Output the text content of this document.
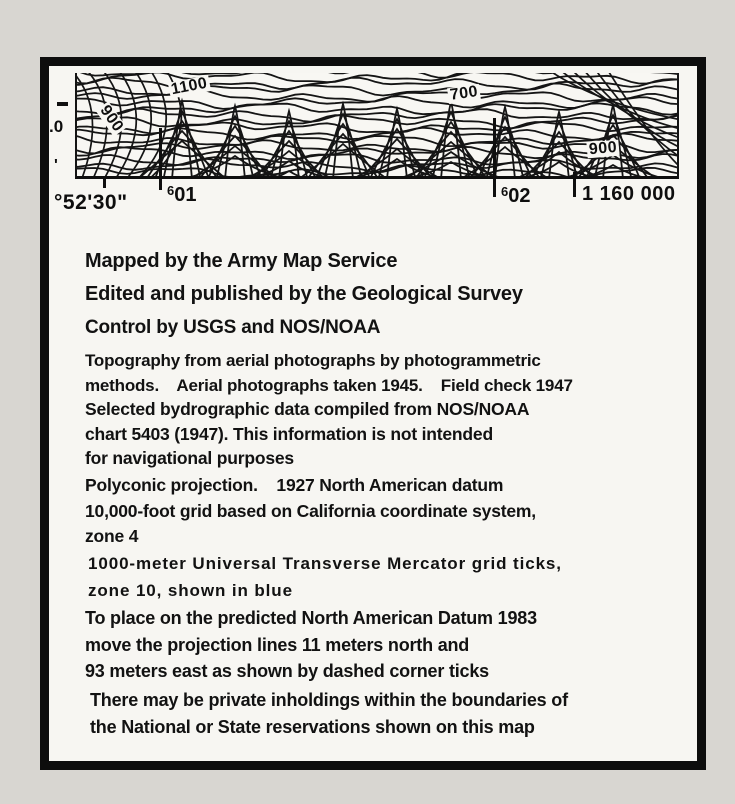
1100
900
700
900
.0
'
°52'30"
$^6$01	$^6$02	1 160 000
Mapped by the Army Map Service
Edited and published by the Geological Survey
Control by USGS and NOS/NOAA
Topography from aerial photographs by photogrammetric
methods.    Aerial photographs taken 1945.    Field check 1947
Selected bydrographic data compiled from NOS/NOAA
chart 5403 (1947). This information is not intended
for navigational purposes
Polyconic projection.    1927 North American datum
10,000-foot grid based on California coordinate system,
zone 4
1000-meter Universal Transverse Mercator grid ticks,
zone 10, shown in blue
To place on the predicted North American Datum 1983
move the projection lines 11 meters north and
93 meters east as shown by dashed corner ticks
There may be private inholdings within the boundaries of
the National or State reservations shown on this map
